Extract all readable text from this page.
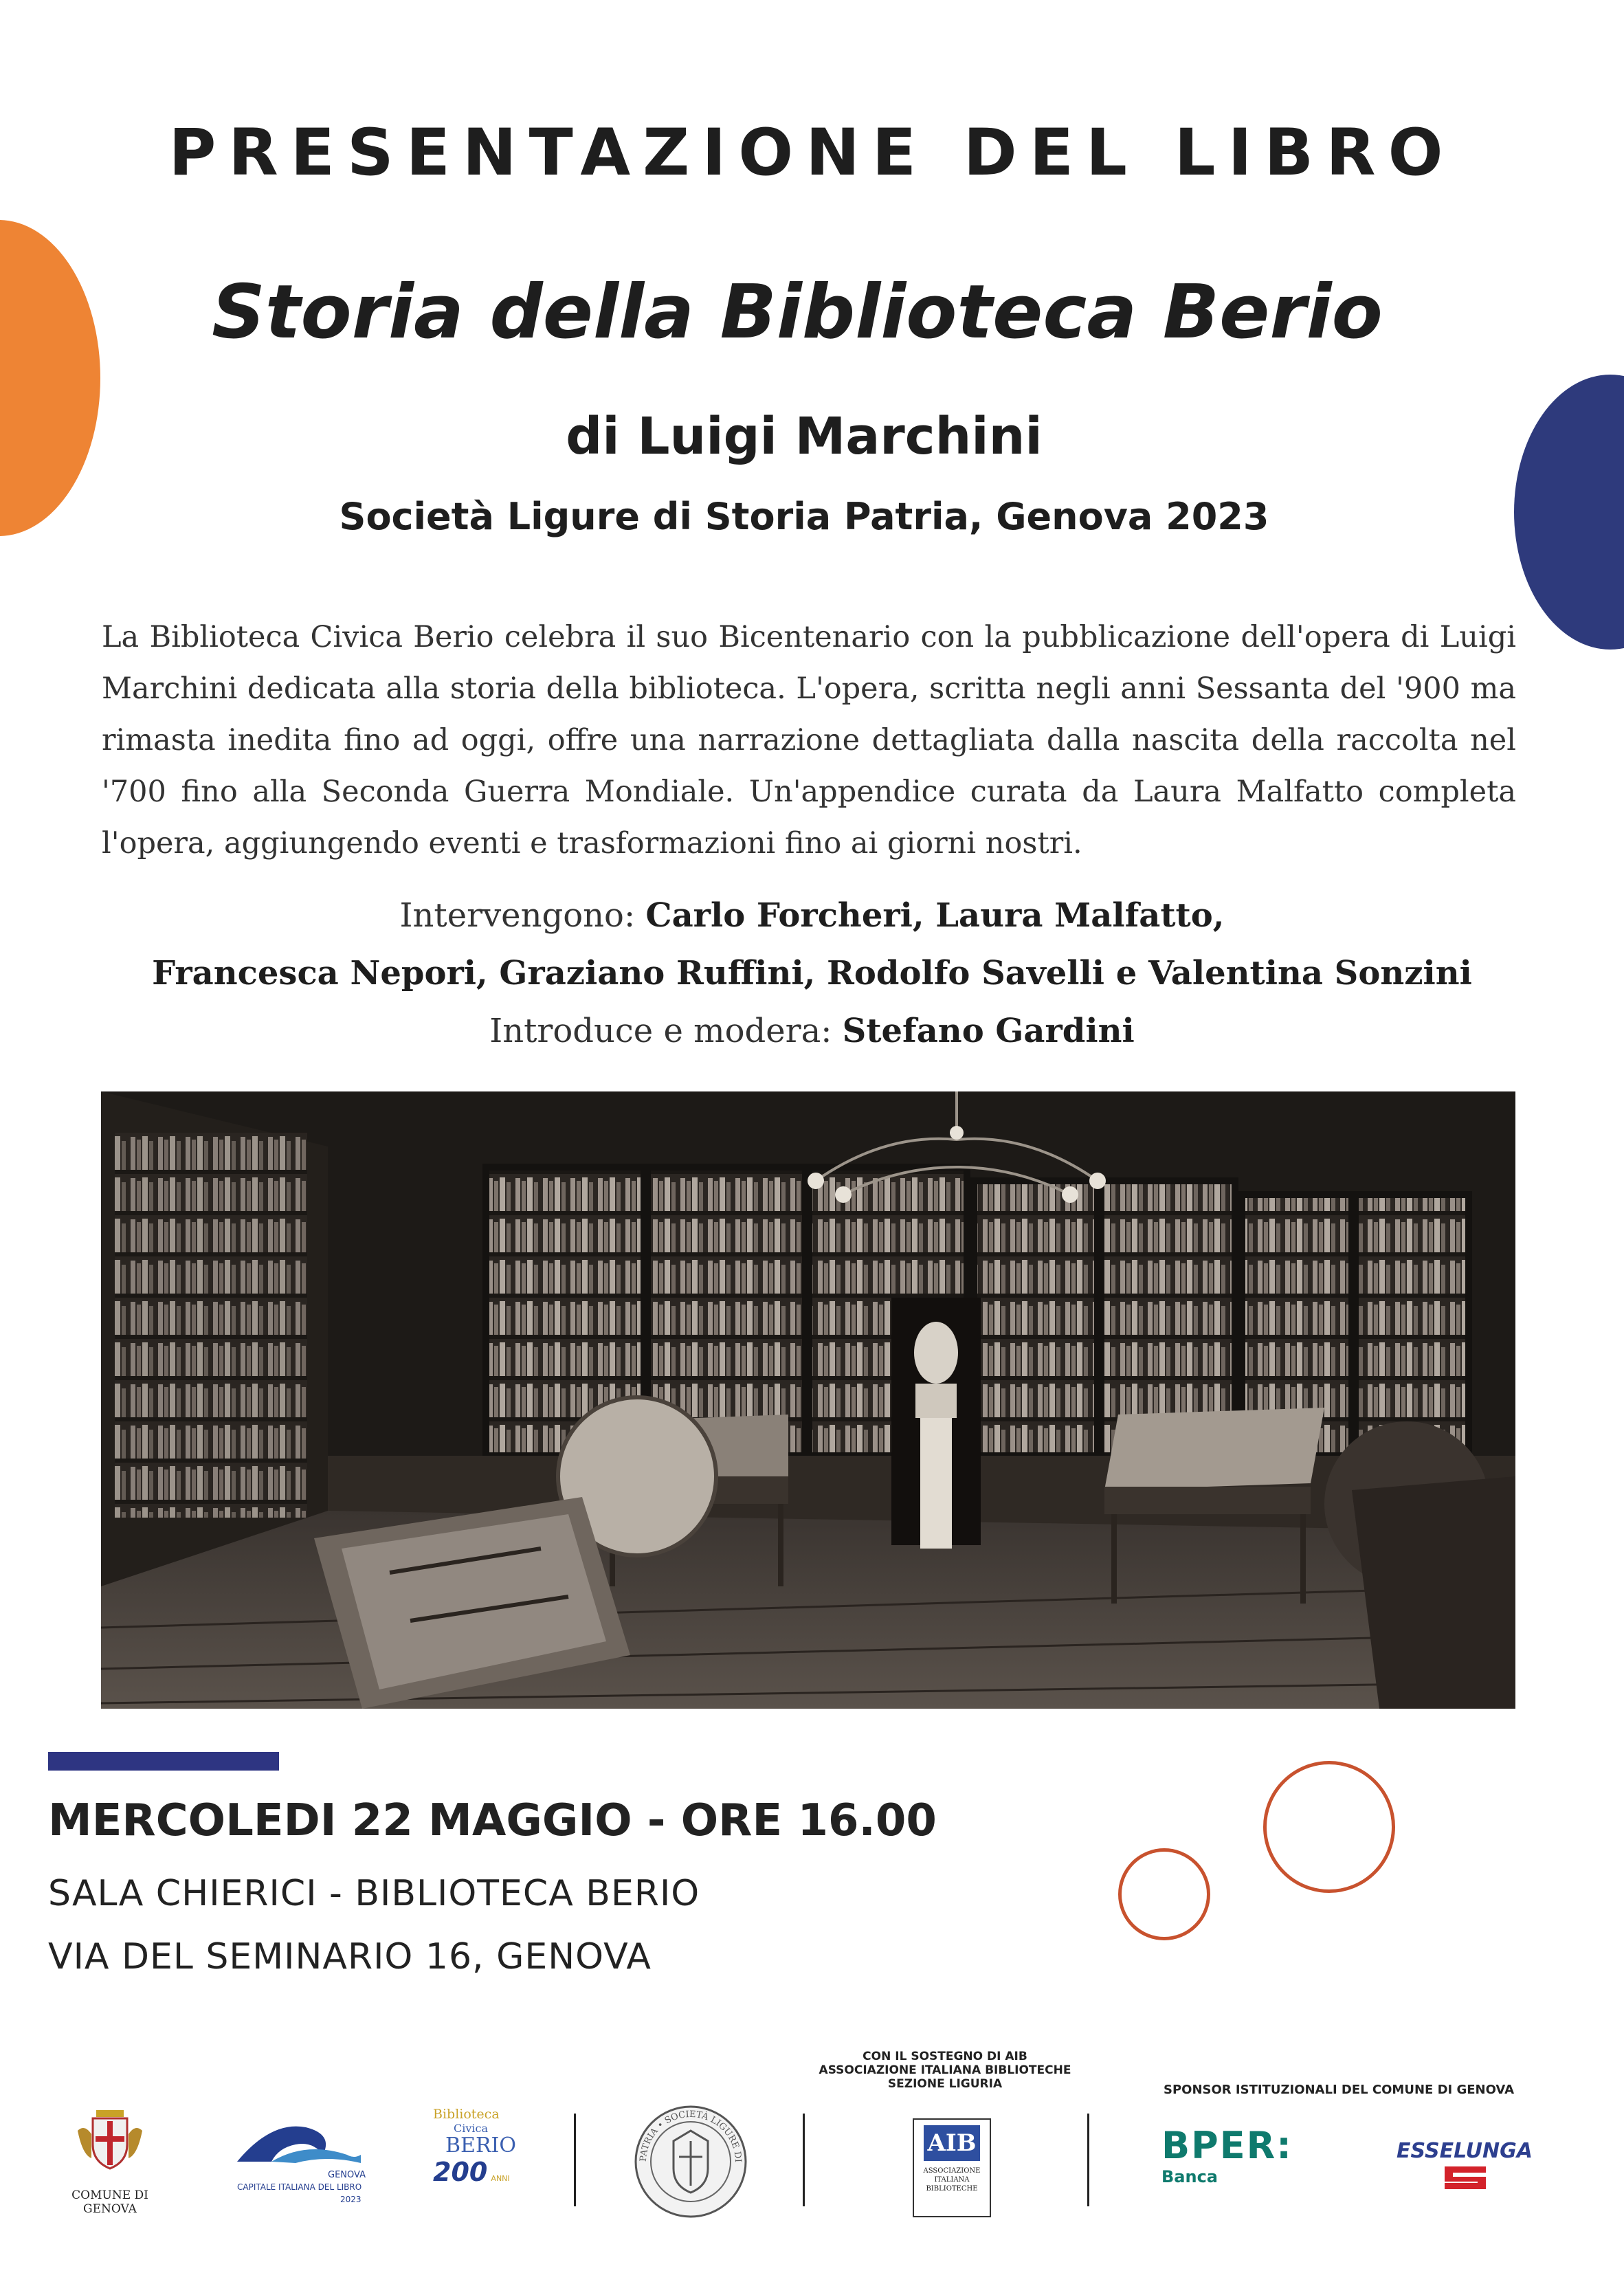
PRESENTAZIONE DEL LIBRO
Storia della Biblioteca Berio
di Luigi Marchini
Società Ligure di Storia Patria, Genova 2023
La Biblioteca Civica Berio celebra il suo Bicentenario con la pubblicazione dell'opera di Luigi Marchini dedicata alla storia della biblioteca. L'opera, scritta negli anni Sessanta del '900 ma rimasta inedita fino ad oggi, offre una narrazione dettagliata dalla nascita della raccolta nel '700 fino alla Seconda Guerra Mondiale. Un'appendice curata da Laura Malfatto completa l'opera, aggiungendo eventi e trasformazioni fino ai giorni nostri.
Intervengono: Carlo Forcheri, Laura Malfatto,
Francesca Nepori, Graziano Ruffini, Rodolfo Savelli e Valentina Sonzini
Introduce e modera: Stefano Gardini
MERCOLEDI 22 MAGGIO - ORE 16.00
SALA CHIERICI - BIBLIOTECA BERIO
VIA DEL SEMINARIO 16, GENOVA
COMUNE DI GENOVA
GENOVA
CAPITALE ITALIANA DEL LIBRO
2023
Biblioteca
Civica
BERIO
200 ANNI
PATRIA • SOCIETÀ LIGURE DI
CON IL SOSTEGNO DI AIB
ASSOCIAZIONE ITALIANA BIBLIOTECHE
SEZIONE LIGURIA
AIB
ASSOCIAZIONE ITALIANA BIBLIOTECHE
SPONSOR ISTITUZIONALI DEL COMUNE DI GENOVA
BPER:
Banca
ESSELUNGA
